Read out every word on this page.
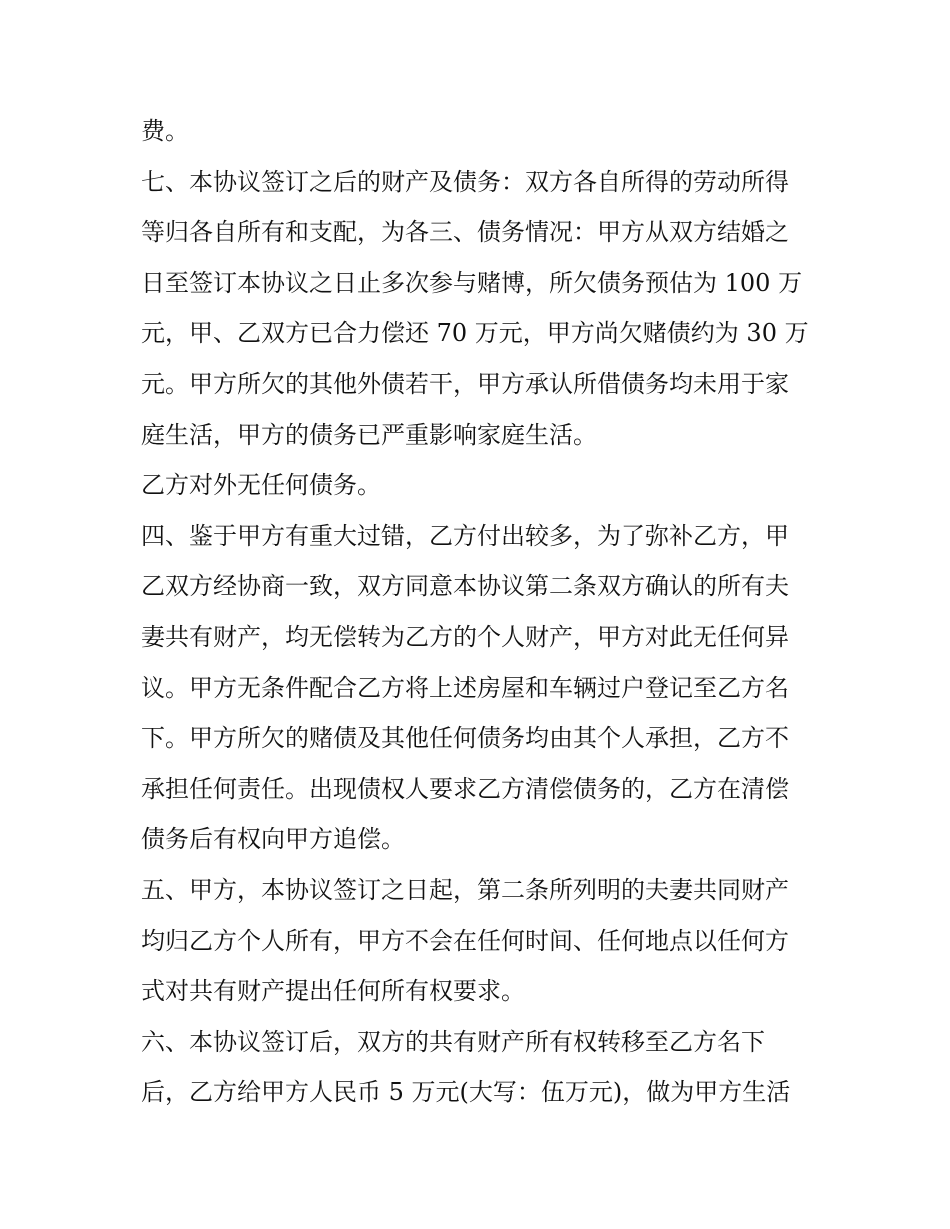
费。
七、本协议签订之后的财产及债务：双方各自所得的劳动所得
等归各自所有和支配，为各三、债务情况：甲方从双方结婚之
日至签订本协议之日止多次参与赌博，所欠债务预估为 100 万
元，甲、乙双方已合力偿还 70 万元，甲方尚欠赌债约为 30 万
元。甲方所欠的其他外债若干，甲方承认所借债务均未用于家
庭生活，甲方的债务已严重影响家庭生活。
乙方对外无任何债务。
四、鉴于甲方有重大过错，乙方付出较多，为了弥补乙方，甲
乙双方经协商一致，双方同意本协议第二条双方确认的所有夫
妻共有财产，均无偿转为乙方的个人财产，甲方对此无任何异
议。甲方无条件配合乙方将上述房屋和车辆过户登记至乙方名
下。甲方所欠的赌债及其他任何债务均由其个人承担，乙方不
承担任何责任。出现债权人要求乙方清偿债务的，乙方在清偿
债务后有权向甲方追偿。
五、甲方，本协议签订之日起，第二条所列明的夫妻共同财产
均归乙方个人所有，甲方不会在任何时间、任何地点以任何方
式对共有财产提出任何所有权要求。
六、本协议签订后，双方的共有财产所有权转移至乙方名下
后，乙方给甲方人民币 5 万元(大写：伍万元)，做为甲方生活
